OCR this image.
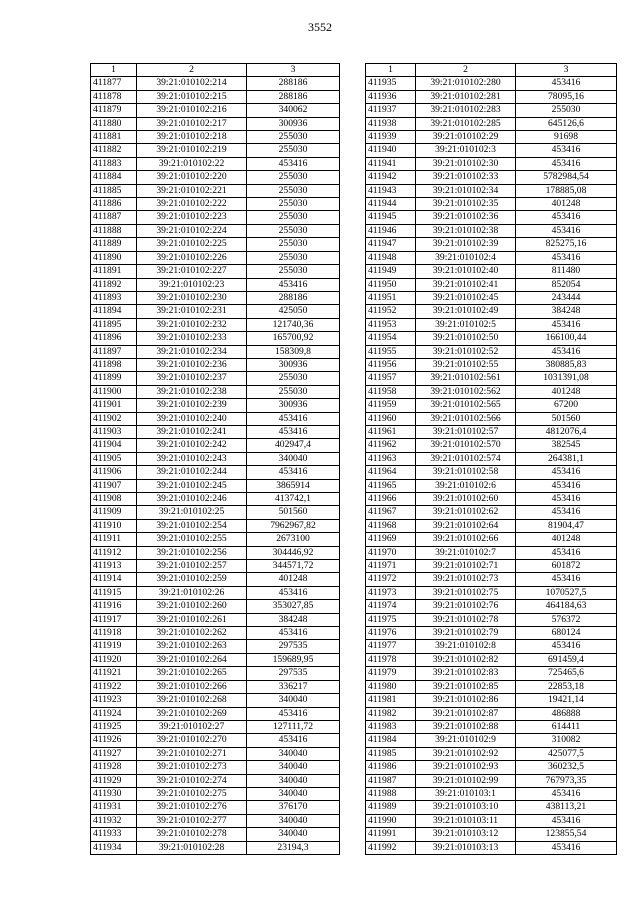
3552
1	2	3
411877	39:21:010102:214	288186
411878	39:21:010102:215	288186
411879	39:21:010102:216	340062
411880	39:21:010102:217	300936
411881	39:21:010102:218	255030
411882	39:21:010102:219	255030
411883	39:21:010102:22	453416
411884	39:21:010102:220	255030
411885	39:21:010102:221	255030
411886	39:21:010102:222	255030
411887	39:21:010102:223	255030
411888	39:21:010102:224	255030
411889	39:21:010102:225	255030
411890	39:21:010102:226	255030
411891	39:21:010102:227	255030
411892	39:21:010102:23	453416
411893	39:21:010102:230	288186
411894	39:21:010102:231	425050
411895	39:21:010102:232	121740,36
411896	39:21:010102:233	165700,92
411897	39:21:010102:234	158309,8
411898	39:21:010102:236	300936
411899	39:21:010102:237	255030
411900	39:21:010102:238	255030
411901	39:21:010102:239	300936
411902	39:21:010102:240	453416
411903	39:21:010102:241	453416
411904	39:21:010102:242	402947,4
411905	39:21:010102:243	340040
411906	39:21:010102:244	453416
411907	39:21:010102:245	3865914
411908	39:21:010102:246	413742,1
411909	39:21:010102:25	501560
411910	39:21:010102:254	7962967,82
411911	39:21:010102:255	2673100
411912	39:21:010102:256	304446,92
411913	39:21:010102:257	344571,72
411914	39:21:010102:259	401248
411915	39:21:010102:26	453416
411916	39:21:010102:260	353027,85
411917	39:21:010102:261	384248
411918	39:21:010102:262	453416
411919	39:21:010102:263	297535
411920	39:21:010102:264	159689,95
411921	39:21:010102:265	297535
411922	39:21:010102:266	336217
411923	39:21:010102:268	340040
411924	39:21:010102:269	453416
411925	39:21:010102:27	127111,72
411926	39:21:010102:270	453416
411927	39:21:010102:271	340040
411928	39:21:010102:273	340040
411929	39:21:010102:274	340040
411930	39:21:010102:275	340040
411931	39:21:010102:276	376170
411932	39:21:010102:277	340040
411933	39:21:010102:278	340040
411934	39:21:010102:28	23194,3
1	2	3
411935	39:21:010102:280	453416
411936	39:21:010102:281	78095,16
411937	39:21:010102:283	255030
411938	39:21:010102:285	645126,6
411939	39:21:010102:29	91698
411940	39:21:010102:3	453416
411941	39:21:010102:30	453416
411942	39:21:010102:33	5782984,54
411943	39:21:010102:34	178885,08
411944	39:21:010102:35	401248
411945	39:21:010102:36	453416
411946	39:21:010102:38	453416
411947	39:21:010102:39	825275,16
411948	39:21:010102:4	453416
411949	39:21:010102:40	811480
411950	39:21:010102:41	852054
411951	39:21:010102:45	243444
411952	39:21:010102:49	384248
411953	39:21:010102:5	453416
411954	39:21:010102:50	166100,44
411955	39:21:010102:52	453416
411956	39:21:010102:55	380885,83
411957	39:21:010102:561	1031391,08
411958	39:21:010102:562	401248
411959	39:21:010102:565	67200
411960	39:21:010102:566	501560
411961	39:21:010102:57	4812076,4
411962	39:21:010102:570	382545
411963	39:21:010102:574	264381,1
411964	39:21:010102:58	453416
411965	39:21:010102:6	453416
411966	39:21:010102:60	453416
411967	39:21:010102:62	453416
411968	39:21:010102:64	81904,47
411969	39:21:010102:66	401248
411970	39:21:010102:7	453416
411971	39:21:010102:71	601872
411972	39:21:010102:73	453416
411973	39:21:010102:75	1070527,5
411974	39:21:010102:76	464184,63
411975	39:21:010102:78	576372
411976	39:21:010102:79	680124
411977	39:21:010102:8	453416
411978	39:21:010102:82	691459,4
411979	39:21:010102:83	725465,6
411980	39:21:010102:85	22853,18
411981	39:21:010102:86	19421,14
411982	39:21:010102:87	486888
411983	39:21:010102:88	614411
411984	39:21:010102:9	310082
411985	39:21:010102:92	425077,5
411986	39:21:010102:93	360232,5
411987	39:21:010102:99	767973,35
411988	39:21:010103:1	453416
411989	39:21:010103:10	438113,21
411990	39:21:010103:11	453416
411991	39:21:010103:12	123855,54
411992	39:21:010103:13	453416
